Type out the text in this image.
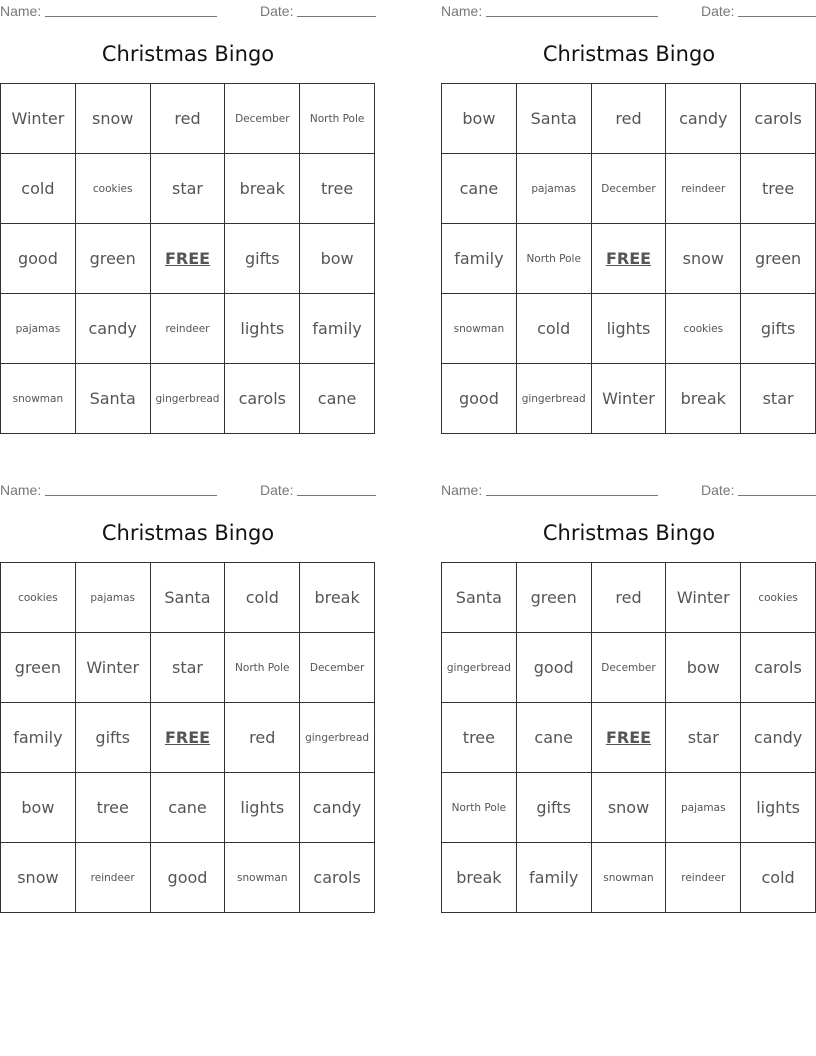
Name:	Date:
Christmas Bingo
Winter	snow	red	December	North Pole
cold	cookies	star	break	tree
good	green	FREE	gifts	bow
pajamas	candy	reindeer	lights	family
snowman	Santa	gingerbread	carols	cane
Name:	Date:
Christmas Bingo
bow	Santa	red	candy	carols
cane	pajamas	December	reindeer	tree
family	North Pole	FREE	snow	green
snowman	cold	lights	cookies	gifts
good	gingerbread	Winter	break	star
Name:	Date:
Christmas Bingo
cookies	pajamas	Santa	cold	break
green	Winter	star	North Pole	December
family	gifts	FREE	red	gingerbread
bow	tree	cane	lights	candy
snow	reindeer	good	snowman	carols
Name:	Date:
Christmas Bingo
Santa	green	red	Winter	cookies
gingerbread	good	December	bow	carols
tree	cane	FREE	star	candy
North Pole	gifts	snow	pajamas	lights
break	family	snowman	reindeer	cold
